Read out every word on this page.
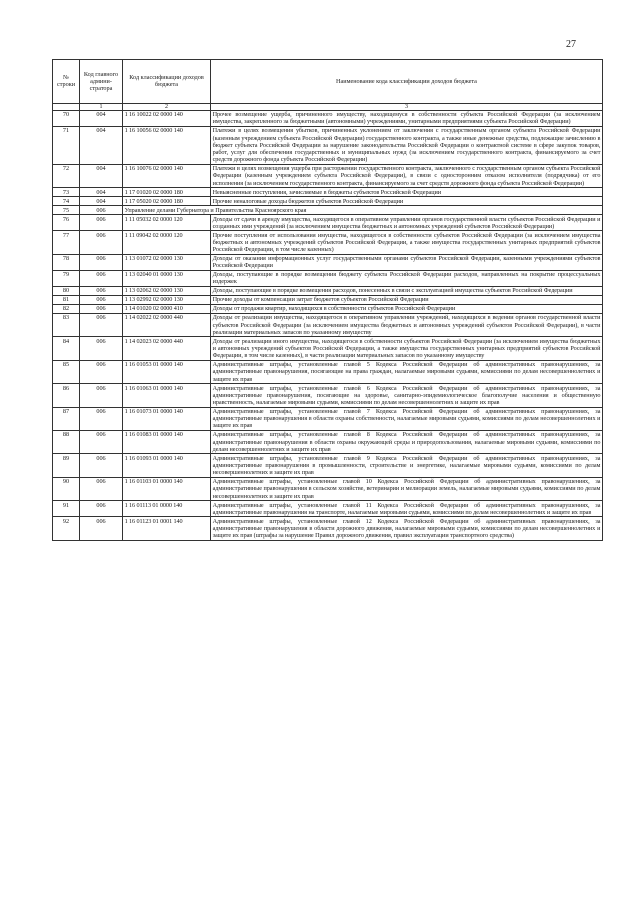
27
№ строки	Код главного админи-стратора	Код классификации доходов бюджета	Наименование кода классификации доходов бюджета
	1	2	3
70	004	1 16 10022 02 0000 140	Прочее возмещение ущерба, причиненного имуществу, находящемуся в собственности субъекта Российской Федерации (за исключением имущества, закрепленного за бюджетными (автономными) учреждениями, унитарными предприятиями субъекта Российской Федерации)
71	004	1 16 10056 02 0000 140	Платежи в целях возмещения убытков, причиненных уклонением от заключения с государственным органом субъекта Российской Федерации (казенным учреждением субъекта Российской Федерации) государственного контракта, а также иные денежные средства, подлежащие зачислению в бюджет субъекта Российской Федерации за нарушение законодательства Российской Федерации о контрактной системе в сфере закупок товаров, работ, услуг для обеспечения государственных и муниципальных нужд (за исключением государственного контракта, финансируемого за счет средств дорожного фонда субъекта Российской Федерации)
72	004	1 16 10076 02 0000 140	Платежи в целях возмещения ущерба при расторжении государственного контракта, заключенного с государственным органом субъекта Российской Федерации (казенным учреждением субъекта Российской Федерации), в связи с односторонним отказом исполнителя (подрядчика) от его исполнения (за исключением государственного контракта, финансируемого за счет средств дорожного фонда субъекта Российской Федерации)
73	004	1 17 01020 02 0000 180	Невыясненные поступления, зачисляемые в бюджеты субъектов Российской Федерации
74	004	1 17 05020 02 0000 180	Прочие неналоговые доходы бюджетов субъектов Российской Федерации
75	006	Управление делами Губернатора и Правительства Красноярского края	
76	006	1 11 05032 02 0000 120	Доходы от сдачи в аренду имущества, находящегося в оперативном управлении органов государственной власти субъектов Российской Федерации и созданных ими учреждений (за исключением имущества бюджетных и автономных учреждений субъектов Российской Федерации)
77	006	1 11 09042 02 0000 120	Прочие поступления от использования имущества, находящегося в собственности субъектов Российской Федерации (за исключением имущества бюджетных и автономных учреждений субъектов Российской Федерации, а также имущества государственных унитарных предприятий субъектов Российской Федерации, в том числе казенных)
78	006	1 13 01072 02 0000 130	Доходы от оказания информационных услуг государственными органами субъектов Российской Федерации, казенными учреждениями субъектов Российской Федерации
79	006	1 13 02040 01 0000 130	Доходы, поступающие в порядке возмещения бюджету субъекта Российской Федерации расходов, направленных на покрытие процессуальных издержек
80	006	1 13 02062 02 0000 130	Доходы, поступающие в порядке возмещения расходов, понесенных в связи с эксплуатацией имущества субъектов Российской Федерации
81	006	1 13 02992 02 0000 130	Прочие доходы от компенсации затрат бюджетов субъектов Российской Федерации
82	006	1 14 01020 02 0000 410	Доходы от продажи квартир, находящихся в собственности субъектов Российской Федерации
83	006	1 14 02022 02 0000 440	Доходы от реализации имущества, находящегося в оперативном управлении учреждений, находящихся в ведении органов государственной власти субъектов Российской Федерации (за исключением имущества бюджетных и автономных учреждений субъектов Российской Федерации), в части реализации материальных запасов по указанному имуществу
84	006	1 14 02023 02 0000 440	Доходы от реализации иного имущества, находящегося в собственности субъектов Российской Федерации (за исключением имущества бюджетных и автономных учреждений субъектов Российской Федерации, а также имущества государственных унитарных предприятий субъектов Российской Федерации, в том числе казенных), в части реализации материальных запасов по указанному имуществу
85	006	1 16 01053 01 0000 140	Административные штрафы, установленные главой 5 Кодекса Российской Федерации об административных правонарушениях, за административные правонарушения, посягающие на права граждан, налагаемые мировыми судьями, комиссиями по делам несовершеннолетних и защите их прав
86	006	1 16 01063 01 0000 140	Административные штрафы, установленные главой 6 Кодекса Российской Федерации об административных правонарушениях, за административные правонарушения, посягающие на здоровье, санитарно-эпидемиологическое благополучие населения и общественную нравственность, налагаемые мировыми судьями, комиссиями по делам несовершеннолетних и защите их прав
87	006	1 16 01073 01 0000 140	Административные штрафы, установленные главой 7 Кодекса Российской Федерации об административных правонарушениях, за административные правонарушения в области охраны собственности, налагаемые мировыми судьями, комиссиями по делам несовершеннолетних и защите их прав
88	006	1 16 01083 01 0000 140	Административные штрафы, установленные главой 8 Кодекса Российской Федерации об административных правонарушениях, за административные правонарушения в области охраны окружающей среды и природопользования, налагаемые мировыми судьями, комиссиями по делам несовершеннолетних и защите их прав
89	006	1 16 01093 01 0000 140	Административные штрафы, установленные главой 9 Кодекса Российской Федерации об административных правонарушениях, за административные правонарушения в промышленности, строительстве и энергетике, налагаемые мировыми судьями, комиссиями по делам несовершеннолетних и защите их прав
90	006	1 16 01103 01 0000 140	Административные штрафы, установленные главой 10 Кодекса Российской Федерации об административных правонарушениях, за административные правонарушения в сельском хозяйстве, ветеринарии и мелиорации земель, налагаемые мировыми судьями, комиссиями по делам несовершеннолетних и защите их прав
91	006	1 16 01113 01 0000 140	Административные штрафы, установленные главой 11 Кодекса Российской Федерации об административных правонарушениях, за административные правонарушения на транспорте, налагаемые мировыми судьями, комиссиями по делам несовершеннолетних и защите их прав
92	006	1 16 01123 01 0001 140	Административные штрафы, установленные главой 12 Кодекса Российской Федерации об административных правонарушениях, за административные правонарушения в области дорожного движения, налагаемые мировыми судьями, комиссиями по делам несовершеннолетних и защите их прав (штрафы за нарушение Правил дорожного движения, правил эксплуатации транспортного средства)
